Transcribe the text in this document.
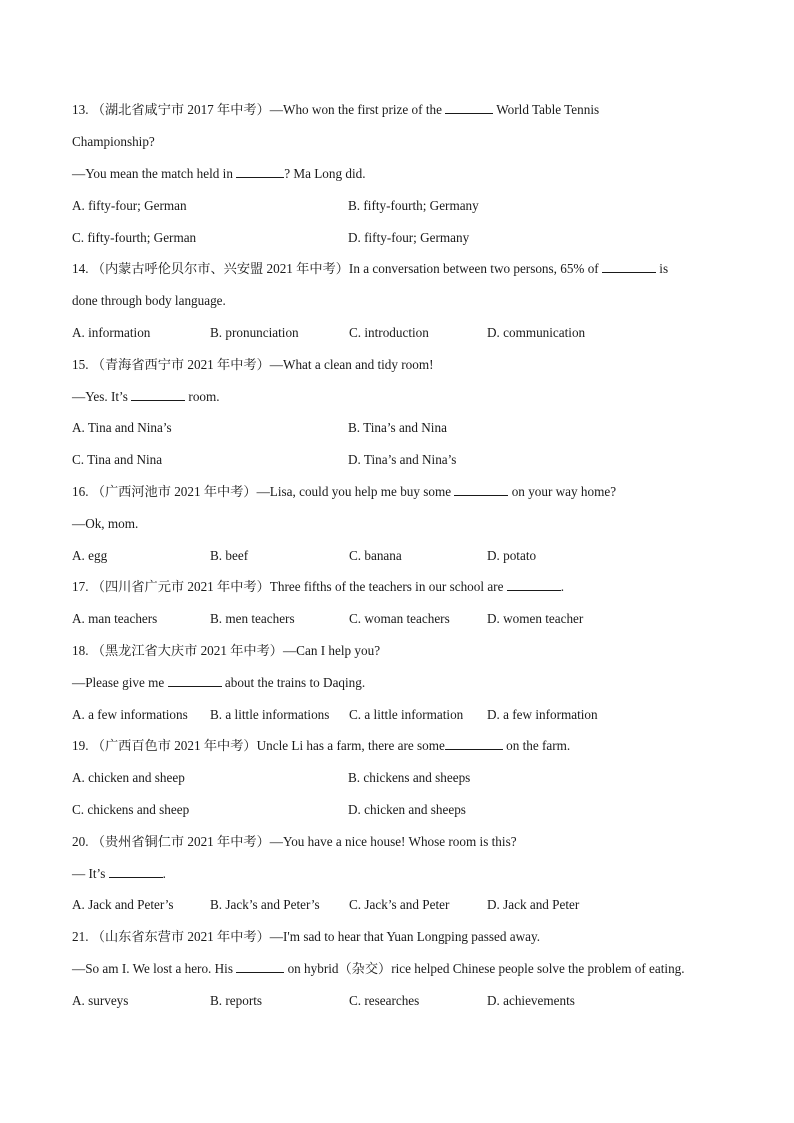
13. （湖北省咸宁市 2017 年中考）—Who won the first prize of the	World Table Tennis
Championship?
—You mean the match held in	? Ma Long did.
A. fifty-four; German	B. fifty-fourth; Germany
C. fifty-fourth; German	D. fifty-four; Germany
14. （内蒙古呼伦贝尔市、兴安盟 2021 年中考）In a conversation between two persons, 65% of	is
done through body language.
A. information	B. pronunciation	C. introduction	D. communication
15. （青海省西宁市 2021 年中考）—What a clean and tidy room!
—Yes. It’s	room.
A. Tina and Nina’s	B. Tina’s and Nina
C. Tina and Nina	D. Tina’s and Nina’s
16. （广西河池市 2021 年中考）—Lisa, could you help me buy some	on your way home?
—Ok, mom.
A. egg	B. beef	C. banana	D. potato
17. （四川省广元市 2021 年中考）Three fifths of the teachers in our school are	.
A. man teachers	B. men teachers	C. woman teachers	D. women teacher
18. （黑龙江省大庆市 2021 年中考）—Can I help you?
—Please give me	about the trains to Daqing.
A. a few informations B. a little informations C. a little information D. a few information
19. （广西百色市 2021 年中考）Uncle Li has a farm, there are some	on the farm.
A. chicken and sheep	B. chickens and sheeps
C. chickens and sheep	D. chicken and sheeps
20. （贵州省铜仁市 2021 年中考）—You have a nice house! Whose room is this?
— It’s	.
A. Jack and Peter’s	B. Jack’s and Peter’s C. Jack’s and Peter	D. Jack and Peter
21. （山东省东营市 2021 年中考）—I'm sad to hear that Yuan Longping passed away.
—So am I. We lost a hero. His	on hybrid（杂交）rice helped Chinese people solve the problem of eating.
A. surveys	B. reports	C. researches	D. achievements
